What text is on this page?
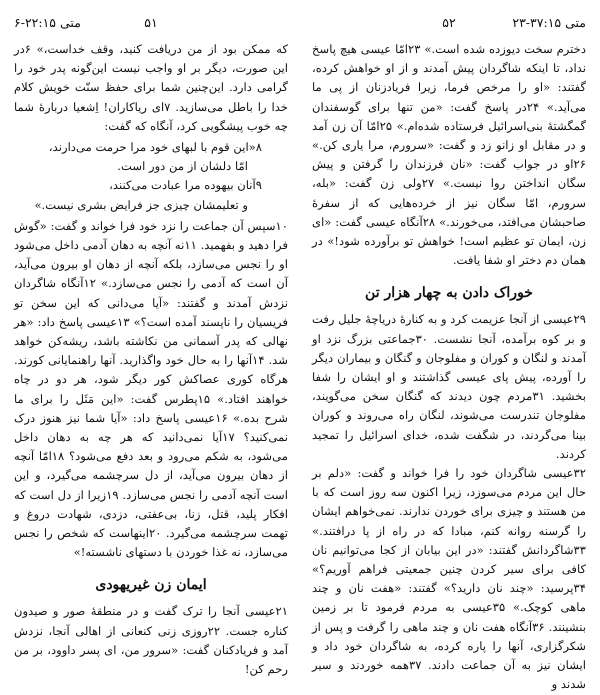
متی ۱۵:‏۲۳-۳۷
۵۲

دخترم سخت دیوزده شده است.» ۲۳امّا عیسی هیچ پاسخ نداد، تا اینکه شاگردان پیش آمدند و از او خواهش کرده، گفتند: «او را مرخص فرما، زیرا فریادزنان از پی ما می‌آید.» ۲۴در پاسخ گفت: «من تنها برای گوسفندان گمگشتهٔ بنی‌اسرائیل فرستاده شده‌ام.» ۲۵امّا آن زن آمد و در مقابل او زانو زد و گفت: «سرورم، مرا یاری کن.» ۲۶او در جواب گفت: «نان فرزندان را گرفتن و پیش سگان انداختن روا نیست.» ۲۷ولی زن گفت: «بله، سرورم، امّا سگان نیز از خرده‌هایی که از سفرهٔ صاحبشان می‌افتد، می‌خورند.» ۲۸آنگاه عیسی گفت: «ای زن، ایمان تو عظیم است! خواهش تو برآورده شود!» در همان دم دختر او شفا یافت.

خوراک دادن به چهار هزار تن

۲۹عیسی از آنجا عزیمت کرد و به کنارهٔ دریاچهٔ جلیل رفت و بر کوه برآمده، آنجا نشست. ۳۰جماعتی بزرگ نزد او آمدند و لنگان و کوران و مفلوجان و گنگان و بیماران دیگر را آورده، پیش پای عیسی گذاشتند و او ایشان را شفا بخشید. ۳۱مردم چون دیدند که گنگان سخن می‌گویند، مفلوجان تندرست می‌شوند، لنگان راه می‌روند و کوران بینا می‌گردند، در شگفت شده، خدای اسرائیل را تمجید کردند.

۳۲عیسی شاگردان خود را فرا خواند و گفت: «دلم بر حال این مردم می‌سوزد، زیرا اکنون سه روز است که با من هستند و چیزی برای خوردن ندارند. نمی‌خواهم ایشان را گرسنه روانه کنم، مبادا که در راه از پا درافتند.» ۳۳شاگردانش گفتند: «در این بیابان از کجا می‌توانیم نان کافی برای سیر کردن چنین جمعیتی فراهم آوریم؟» ۳۴پرسید: «چند نان دارید؟» گفتند: «هفت نان و چند ماهی کوچک.» ۳۵عیسی به مردم فرمود تا بر زمین بنشینند. ۳۶آنگاه هفت نان و چند ماهی را گرفت و پس از شکرگزاری، آنها را پاره کرده، به شاگردان خود داد و ایشان نیز به آن جماعت دادند. ۳۷همه خوردند و سیر شدند و

متی ۱۵:‏۶-۲۲	۵۱

که ممکن بود از من دریافت کنید، وقف خداست،» ۶در این صورت، دیگر بر او واجب نیست این‌گونه پدر خود را گرامی دارد. این‌چنین شما برای حفظ سنّت خویش کلام خدا را باطل می‌سازید. ۷ای ریاکاران! اِشعیا دربارهٔ شما چه خوب پیشگویی کرد، آنگاه که گفت:

۸«این قوم با لبهای خود مرا حرمت می‌دارند،

امّا دلشان از من دور است.

۹آنان بیهوده مرا عبادت می‌کنند،

و تعلیمشان چیزی جز فرایض بشری نیست.»

۱۰سپس آن جماعت را نزد خود فرا خواند و گفت: «گوش فرا دهید و بفهمید. ۱۱نه آنچه به دهان آدمی داخل می‌شود او را نجس می‌سازد، بلکه آنچه از دهان او بیرون می‌آید، آن است که آدمی را نجس می‌سازد.» ۱۲آنگاه شاگردان نزدش آمدند و گفتند: «آیا می‌دانی که این سخن تو فریسیان را ناپسند آمده است؟» ۱۳عیسی پاسخ داد: «هر نهالی که پدر آسمانی من نکاشته باشد، ریشه‌کن خواهد شد. ۱۴آنها را به حال خود واگذارید. آنها راهنمایانی کورند. هرگاه کوری عصاکش کور دیگر شود، هر دو در چاه خواهند افتاد.» ۱۵پطرس گفت: «این مَثَل را برای ما شرح بده.» ۱۶عیسی پاسخ داد: «آیا شما نیز هنوز درک نمی‌کنید؟ ۱۷آیا نمی‌دانید که هر چه به دهان داخل می‌شود، به شکم می‌رود و بعد دفع می‌شود؟ ۱۸امّا آنچه از دهان بیرون می‌آید، از دل سرچشمه می‌گیرد، و این است آنچه آدمی را نجس می‌سازد. ۱۹زیرا از دل است که افکار پلید، قتل، زنا، بی‌عفتی، دزدی، شهادت دروغ و تهمت سرچشمه می‌گیرد. ۲۰اینهاست که شخص را نجس می‌سازد، نه غذا خوردن با دستهای ناشسته!»

ایمان زن غیریهودی

۲۱عیسی آنجا را ترک گفت و در منطقهٔ صور و صیدون کناره جست. ۲۲روزی زنی کنعانی از اهالی آنجا، نزدش آمد و فریادکنان گفت: «سرور من، ای پسر داوود، بر من رحم کن!
